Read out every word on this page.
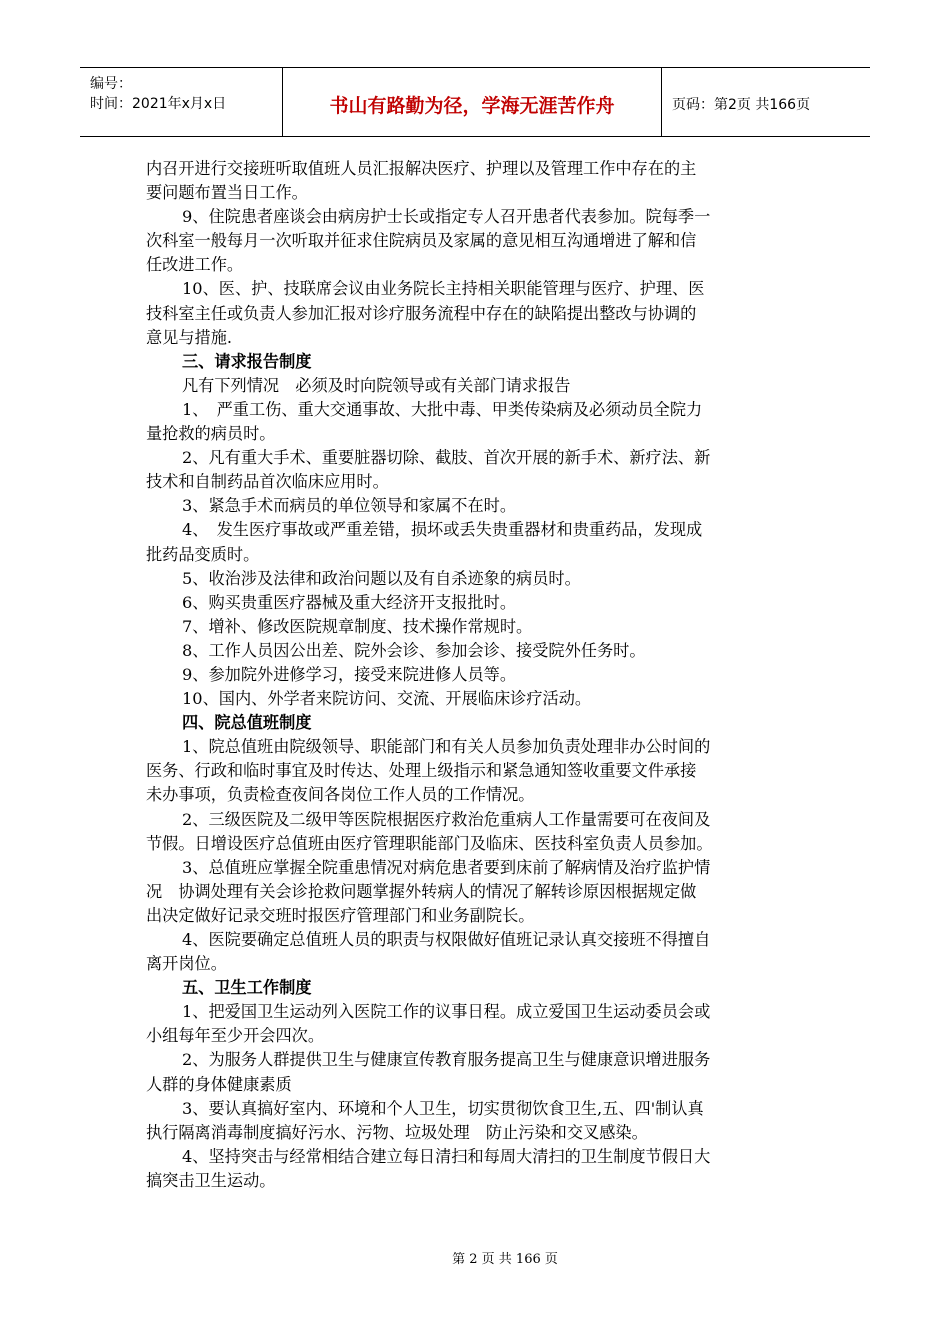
编号：
时间：2021年x月x日	书山有路勤为径，学海无涯苦作舟	页码：第2页 共166页
内召开进行交接班听取值班人员汇报解决医疗、护理以及管理工作中存在的主
要问题布置当日工作。
9、住院患者座谈会由病房护士长或指定专人召开患者代表参加。院每季一
次科室一般每月一次听取并征求住院病员及家属的意见相互沟通增进了解和信
任改进工作。
10、医、护、技联席会议由业务院长主持相关职能管理与医疗、护理、医
技科室主任或负责人参加汇报对诊疗服务流程中存在的缺陷提出整改与协调的
意见与措施.
三、请求报告制度
凡有下列情况　必须及时向院领导或有关部门请求报告
1、　严重工伤、重大交通事故、大批中毒、甲类传染病及必须动员全院力
量抢救的病员时。
2、凡有重大手术、重要脏器切除、截肢、首次开展的新手术、新疗法、新
技术和自制药品首次临床应用时。
3、紧急手术而病员的单位领导和家属不在时。
4、　发生医疗事故或严重差错，损坏或丢失贵重器材和贵重药品，发现成
批药品变质时。
5、收治涉及法律和政治问题以及有自杀迹象的病员时。
6、购买贵重医疗器械及重大经济开支报批时。
7、增补、修改医院规章制度、技术操作常规时。
8、工作人员因公出差、院外会诊、参加会诊、接受院外任务时。
9、参加院外进修学习，接受来院进修人员等。
10、国内、外学者来院访问、交流、开展临床诊疗活动。
四、院总值班制度
1、院总值班由院级领导、职能部门和有关人员参加负责处理非办公时间的
医务、行政和临时事宜及时传达、处理上级指示和紧急通知签收重要文件承接
未办事项，负责检查夜间各岗位工作人员的工作情况。
2、三级医院及二级甲等医院根据医疗救治危重病人工作量需要可在夜间及
节假。日增设医疗总值班由医疗管理职能部门及临床、医技科室负责人员参加。
3、总值班应掌握全院重患情况对病危患者要到床前了解病情及治疗监护情
况　协调处理有关会诊抢救问题掌握外转病人的情况了解转诊原因根据规定做
出决定做好记录交班时报医疗管理部门和业务副院长。
4、医院要确定总值班人员的职责与权限做好值班记录认真交接班不得擅自
离开岗位。
五、卫生工作制度
1、把爱国卫生运动列入医院工作的议事日程。成立爱国卫生运动委员会或
小组每年至少开会四次。
2、为服务人群提供卫生与健康宣传教育服务提高卫生与健康意识增进服务
人群的身体健康素质
3、要认真搞好室内、环境和个人卫生，切实贯彻饮食卫生,五、四'制认真
执行隔离消毒制度搞好污水、污物、垃圾处理　防止污染和交叉感染。
4、坚持突击与经常相结合建立每日清扫和每周大清扫的卫生制度节假日大
搞突击卫生运动。
第 2 页 共 166 页
